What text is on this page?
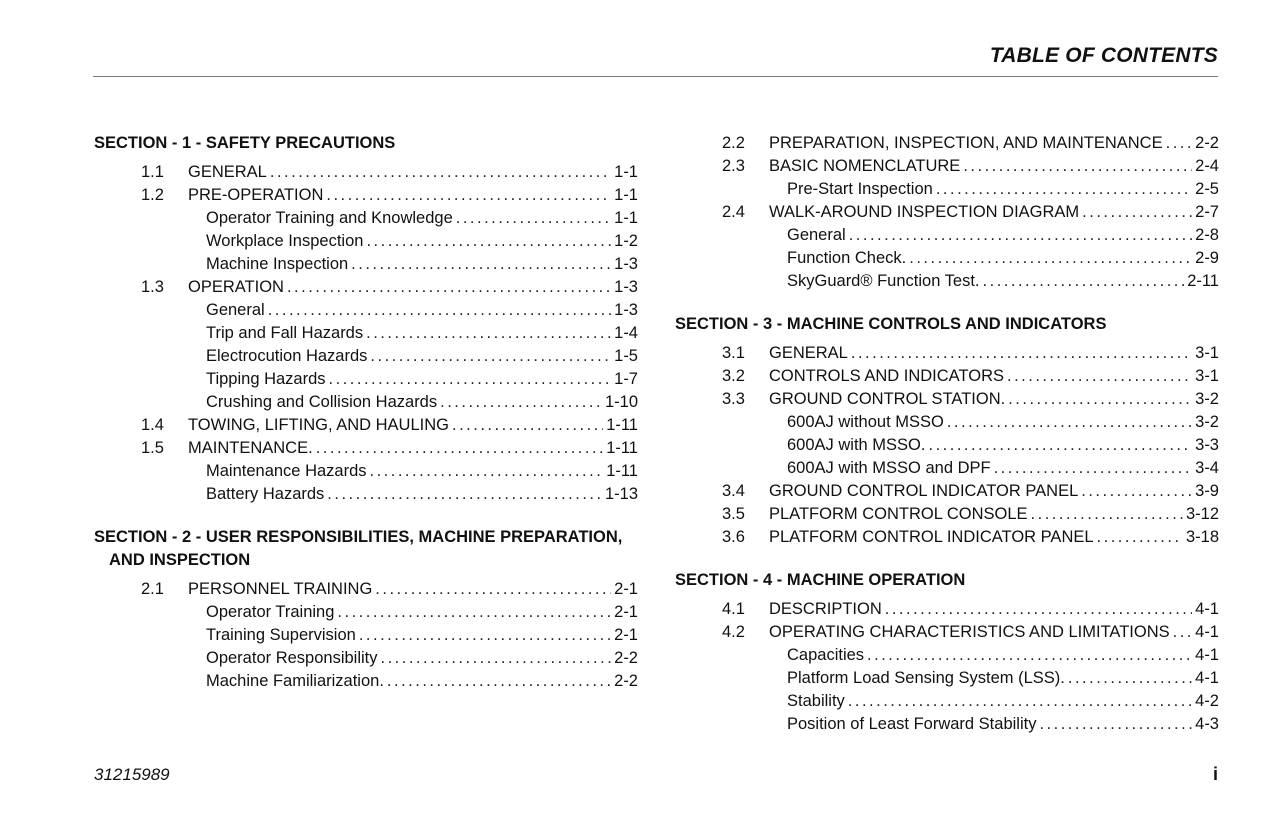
TABLE OF CONTENTS
SECTION - 1 - SAFETY PRECAUTIONS
1.1	GENERAL .....	1-1
1.2	PRE-OPERATION .....	1-1
Operator Training and Knowledge .....	1-1
Workplace Inspection .....	1-2
Machine Inspection .....	1-3
1.3	OPERATION .....	1-3
General .....	1-3
Trip and Fall Hazards .....	1-4
Electrocution Hazards .....	1-5
Tipping Hazards .....	1-7
Crushing and Collision Hazards .....	1-10
1.4	TOWING, LIFTING, AND HAULING .....	1-11
1.5	MAINTENANCE. .....	1-11
Maintenance Hazards .....	1-11
Battery Hazards .....	1-13
SECTION - 2 - USER RESPONSIBILITIES, MACHINE PREPARATION, AND INSPECTION
2.1	PERSONNEL TRAINING .....	2-1
Operator Training .....	2-1
Training Supervision .....	2-1
Operator Responsibility .....	2-2
Machine Familiarization. .....	2-2
2.2	PREPARATION, INSPECTION, AND MAINTENANCE ..... 2-2
2.3	BASIC NOMENCLATURE .....	2-4
Pre-Start Inspection .....	2-5
2.4	WALK-AROUND INSPECTION DIAGRAM .....	2-7
General .....	2-8
Function Check. .....	2-9
SkyGuard® Function Test. .....	2-11
SECTION - 3 - MACHINE CONTROLS AND INDICATORS
3.1	GENERAL .....	3-1
3.2	CONTROLS AND INDICATORS .....	3-1
3.3	GROUND CONTROL STATION. .....	3-2
600AJ without MSSO .....	3-2
600AJ with MSSO. .....	3-3
600AJ with MSSO and DPF .....	3-4
3.4	GROUND CONTROL INDICATOR PANEL .....	3-9
3.5	PLATFORM CONTROL CONSOLE .....	3-12
3.6	PLATFORM CONTROL INDICATOR PANEL .....	3-18
SECTION - 4 - MACHINE OPERATION
4.1	DESCRIPTION .....	4-1
4.2	OPERATING CHARACTERISTICS AND LIMITATIONS ..... 4-1
Capacities .....	4-1
Platform Load Sensing System (LSS). .....	4-1
Stability .....	4-2
Position of Least Forward Stability .....	4-3
31215989	i
